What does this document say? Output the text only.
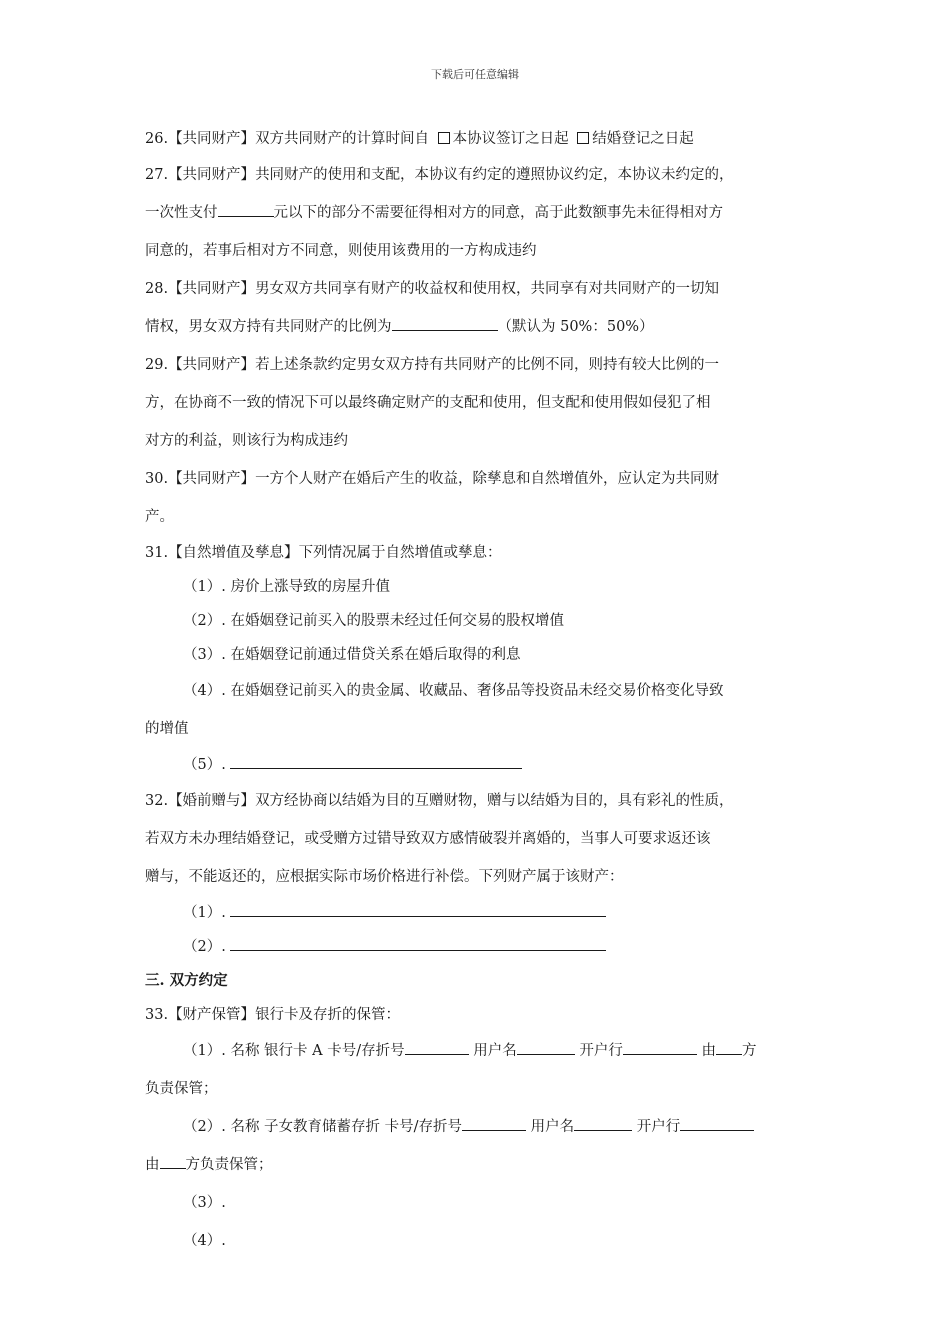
下载后可任意编辑
26.【共同财产】双方共同财产的计算时间自 本协议签订之日起 结婚登记之日起
27.【共同财产】共同财产的使用和支配，本协议有约定的遵照协议约定，本协议未约定的，
一次性支付	元以下的部分不需要征得相对方的同意，高于此数额事先未征得相对方
同意的，若事后相对方不同意，则使用该费用的一方构成违约
28.【共同财产】男女双方共同享有财产的收益权和使用权，共同享有对共同财产的一切知
情权，男女双方持有共同财产的比例为	（默认为 50%：50%）
29.【共同财产】若上述条款约定男女双方持有共同财产的比例不同，则持有较大比例的一
方，在协商不一致的情况下可以最终确定财产的支配和使用，但支配和使用假如侵犯了相
对方的利益，则该行为构成违约
30.【共同财产】一方个人财产在婚后产生的收益，除孳息和自然增值外，应认定为共同财
产。
31.【自然增值及孳息】下列情况属于自然增值或孳息：
（1）. 房价上涨导致的房屋升值
（2）. 在婚姻登记前买入的股票未经过任何交易的股权增值
（3）. 在婚姻登记前通过借贷关系在婚后取得的利息
（4）. 在婚姻登记前买入的贵金属、收藏品、奢侈品等投资品未经交易价格变化导致
的增值
（5）.
32.【婚前赠与】双方经协商以结婚为目的互赠财物，赠与以结婚为目的，具有彩礼的性质，
若双方未办理结婚登记，或受赠方过错导致双方感情破裂并离婚的，当事人可要求返还该
赠与，不能返还的，应根据实际市场价格进行补偿。下列财产属于该财产：
（1）.
（2）.
三. 双方约定
33.【财产保管】银行卡及存折的保管：
（1）. 名称 银行卡 A 卡号/存折号	用户名	开户行	由 方
负责保管；
（2）. 名称 子女教育储蓄存折 卡号/存折号	用户名	开户行
由 方负责保管；
（3）.
（4）.
